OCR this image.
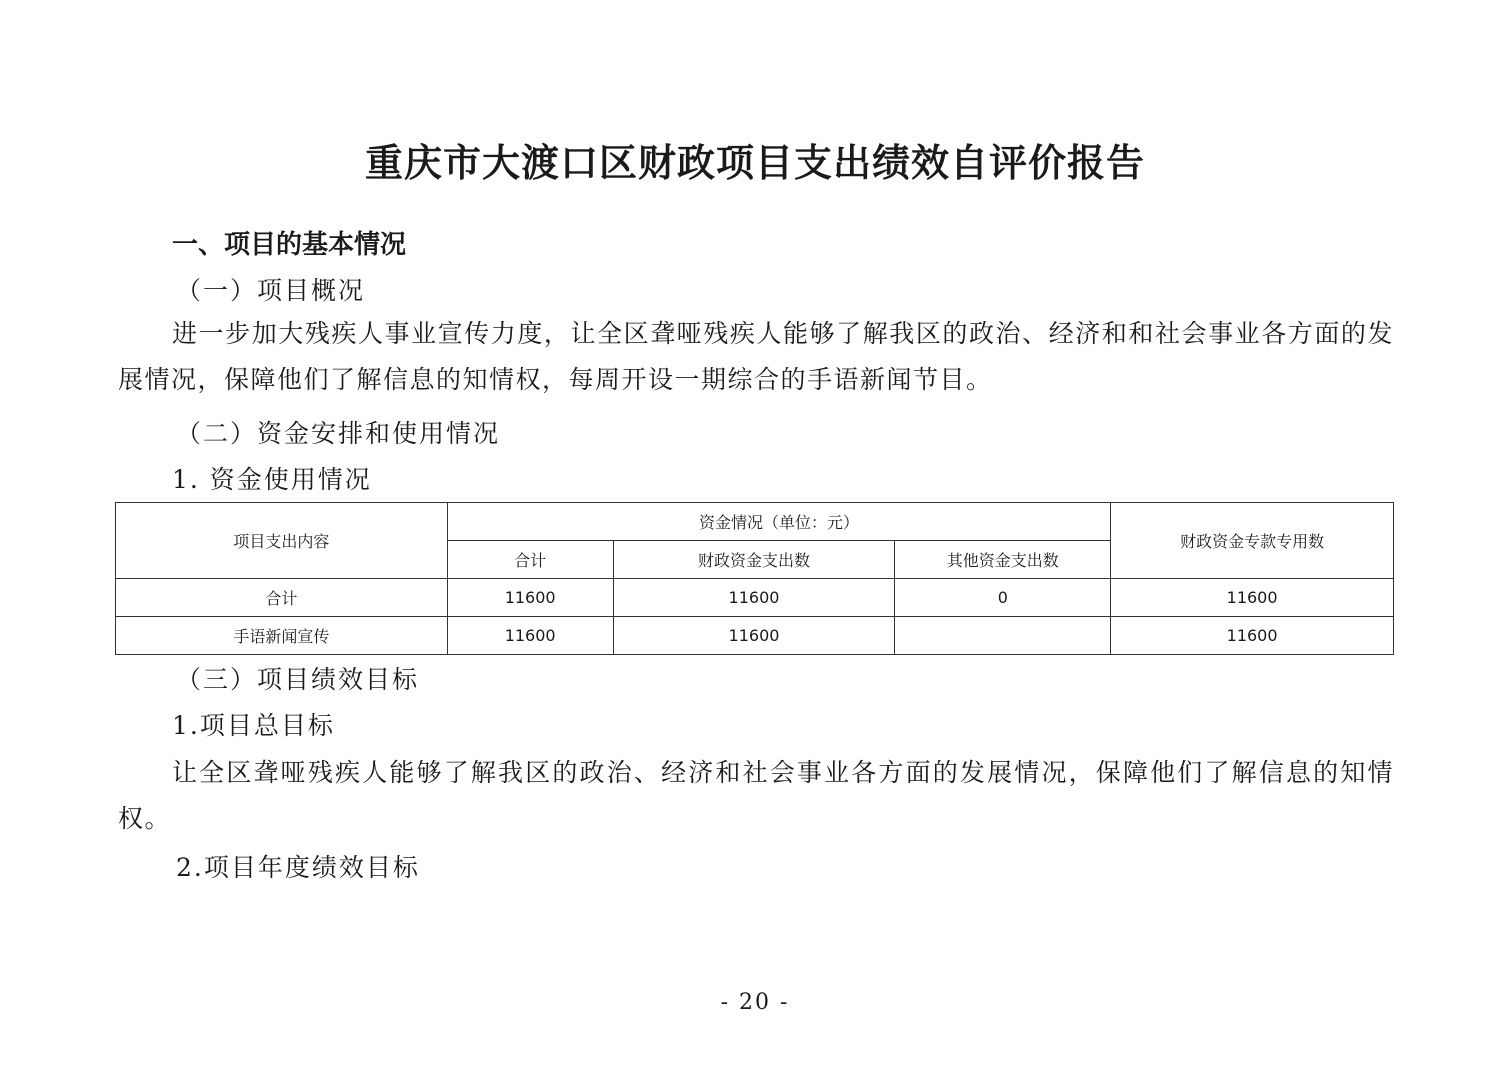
重庆市大渡口区财政项目支出绩效自评价报告
一、项目的基本情况
（一）项目概况
进一步加大残疾人事业宣传力度，让全区聋哑残疾人能够了解我区的政治、经济和和社会事业各方面的发展情况，保障他们了解信息的知情权，每周开设一期综合的手语新闻节目。
（二）资金安排和使用情况
1. 资金使用情况
项目支出内容	资金情况（单位：元）			财政资金专款专用数
	合计	财政资金支出数	其他资金支出数	
合计	11600	11600	0	11600
手语新闻宣传	11600	11600		11600
（三）项目绩效目标
1.项目总目标
让全区聋哑残疾人能够了解我区的政治、经济和社会事业各方面的发展情况，保障他们了解信息的知情权。
2.项目年度绩效目标
- 20 -
